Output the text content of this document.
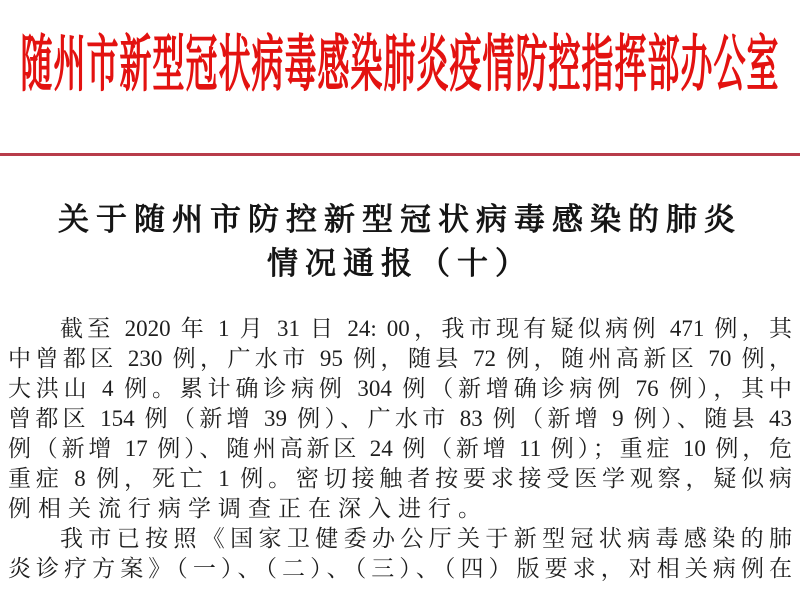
随州市新型冠状病毒感染肺炎疫情防控指挥部办公室
关于随州市防控新型冠状病毒感染的肺炎
情况通报（十）
截至 2020 年 1 月 31 日 24: 00，我市现有疑似病例 471 例，其
中曾都区 230 例，广水市 95 例，随县 72 例，随州高新区 70 例，
大洪山 4 例。累计确诊病例 304 例（新增确诊病例 76 例），其中
曾都区 154 例（新增 39 例）、广水市 83 例（新增 9 例）、随县 43
例（新增 17 例）、随州高新区 24 例（新增 11 例）；重症 10 例，危
重症 8 例，死亡 1 例。密切接触者按要求接受医学观察，疑似病
例相关流行病学调查正在深入进行。
我市已按照《国家卫健委办公厅关于新型冠状病毒感染的肺
炎诊疗方案》（一）、（二）、（三）、（四）版要求，对相关病例在
